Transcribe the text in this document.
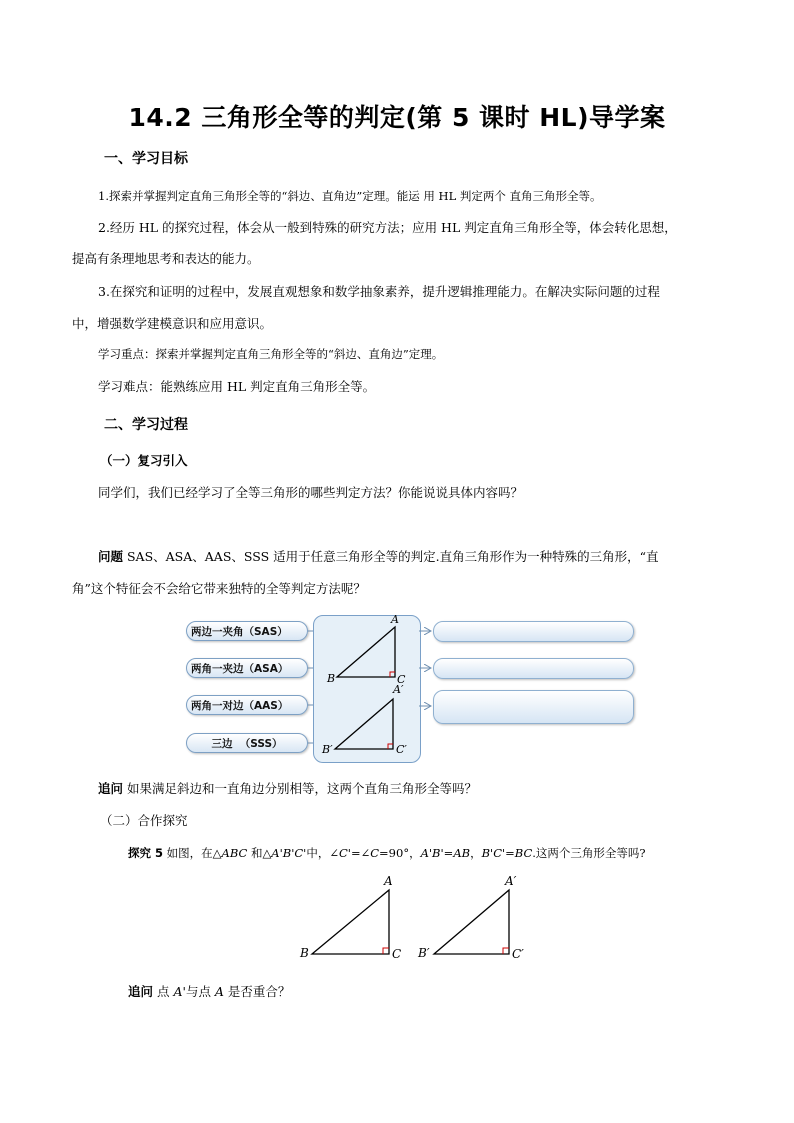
14.2 三角形全等的判定(第 5 课时 HL)导学案
一、学习目标
1.探索并掌握判定直角三角形全等的“斜边、直角边”定理。能运 用 HL 判定两个 直角三角形全等。
2.经历 HL 的探究过程，体会从一般到特殊的研究方法；应用 HL 判定直角三角形全等，体会转化思想，
提高有条理地思考和表达的能力。
3.在探究和证明的过程中，发展直观想象和数学抽象素养，提升逻辑推理能力。在解决实际问题的过程
中，增强数学建模意识和应用意识。
学习重点：探索并掌握判定直角三角形全等的“斜边、直角边”定理。
学习难点：能熟练应用 HL 判定直角三角形全等。
二、学习过程
（一）复习引入
同学们，我们已经学习了全等三角形的哪些判定方法？你能说说具体内容吗？
问题 SAS、ASA、AAS、SSS 适用于任意三角形全等的判定.直角三角形作为一种特殊的三角形，“直
角”这个特征会不会给它带来独特的全等判定方法呢？
两边一夹角（SAS）
两角一夹边（ASA）
两角一对边（AAS）
三边  （SSS）
A
B	C
A′
B′	C′
追问 如果满足斜边和一直角边分别相等，这两个直角三角形全等吗？
（二）合作探究
探究 5 如图，在△ABC 和△A'B'C'中，∠C'=∠C=90°，A'B'=AB，B'C'=BC.这两个三角形全等吗?
A
B	C
A′
B′	C′
追问 点 A'与点 A 是否重合？
